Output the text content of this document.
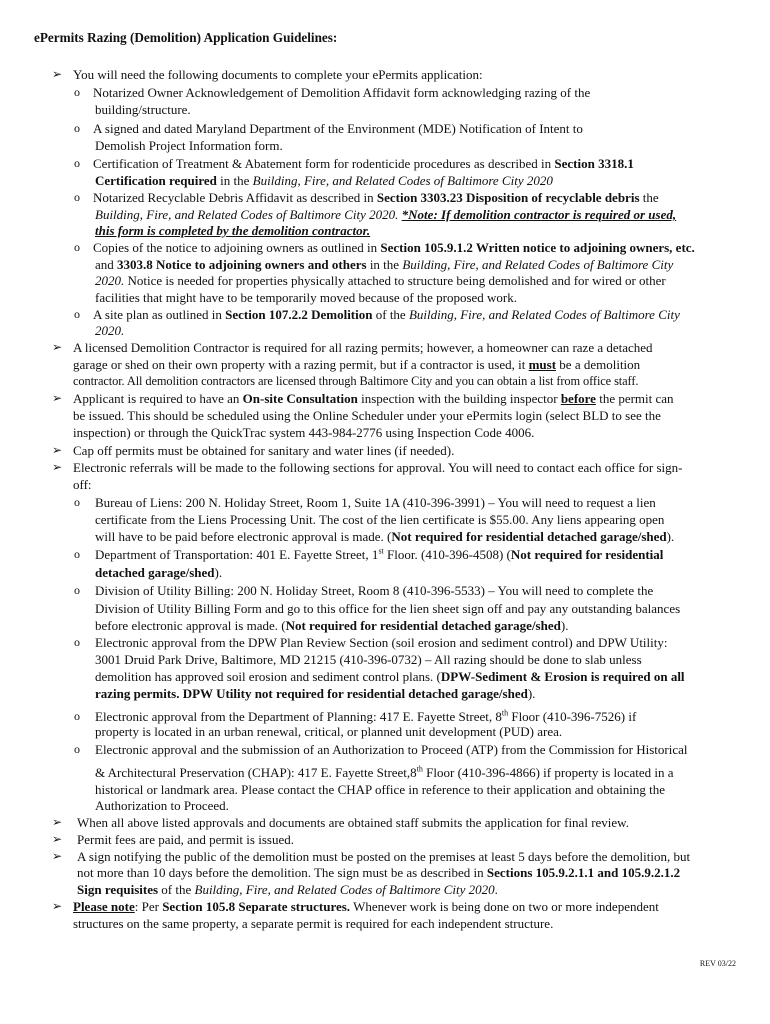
ePermits Razing (Demolition) Application Guidelines:
➢ You will need the following documents to complete your ePermits application:
o Notarized Owner Acknowledgement of Demolition Affidavit form acknowledging razing of the
building/structure.
o A signed and dated Maryland Department of the Environment (MDE) Notification of Intent to
Demolish Project Information form.
o Certification of Treatment & Abatement form for rodenticide procedures as described in Section 3318.1
Certification required in the Building, Fire, and Related Codes of Baltimore City 2020
o Notarized Recyclable Debris Affidavit as described in Section 3303.23 Disposition of recyclable debris the
Building, Fire, and Related Codes of Baltimore City 2020. *Note: If demolition contractor is required or used,
this form is completed by the demolition contractor.
o Copies of the notice to adjoining owners as outlined in Section 105.9.1.2 Written notice to adjoining owners, etc.
and 3303.8 Notice to adjoining owners and others in the Building, Fire, and Related Codes of Baltimore City
2020. Notice is needed for properties physically attached to structure being demolished and for wired or other
facilities that might have to be temporarily moved because of the proposed work.
o A site plan as outlined in Section 107.2.2 Demolition of the Building, Fire, and Related Codes of Baltimore City
2020.
➢ A licensed Demolition Contractor is required for all razing permits; however, a homeowner can raze a detached
garage or shed on their own property with a razing permit, but if a contractor is used, it must be a demolition
contractor. All demolition contractors are licensed through Baltimore City and you can obtain a list from office staff.
➢ Applicant is required to have an On-site Consultation inspection with the building inspector before the permit can
be issued. This should be scheduled using the Online Scheduler under your ePermits login (select BLD to see the
inspection) or through the QuickTrac system 443-984-2776 using Inspection Code 4006.
➢ Cap off permits must be obtained for sanitary and water lines (if needed).
➢ Electronic referrals will be made to the following sections for approval. You will need to contact each office for sign-
off:
o Bureau of Liens: 200 N. Holiday Street, Room 1, Suite 1A (410-396-3991) – You will need to request a lien
certificate from the Liens Processing Unit. The cost of the lien certificate is $55.00. Any liens appearing open
will have to be paid before electronic approval is made. (Not required for residential detached garage/shed).
o Department of Transportation: 401 E. Fayette Street, 1st Floor. (410-396-4508) (Not required for residential
detached garage/shed).
o Division of Utility Billing: 200 N. Holiday Street, Room 8 (410-396-5533) – You will need to complete the
Division of Utility Billing Form and go to this office for the lien sheet sign off and pay any outstanding balances
before electronic approval is made. (Not required for residential detached garage/shed).
o Electronic approval from the DPW Plan Review Section (soil erosion and sediment control) and DPW Utility:
3001 Druid Park Drive, Baltimore, MD 21215 (410-396-0732) – All razing should be done to slab unless
demolition has approved soil erosion and sediment control plans. (DPW-Sediment & Erosion is required on all
razing permits. DPW Utility not required for residential detached garage/shed).
o Electronic approval from the Department of Planning: 417 E. Fayette Street, 8th Floor (410-396-7526) if
property is located in an urban renewal, critical, or planned unit development (PUD) area.
o Electronic approval and the submission of an Authorization to Proceed (ATP) from the Commission for Historical
& Architectural Preservation (CHAP): 417 E. Fayette Street,8th Floor (410-396-4866) if property is located in a
historical or landmark area. Please contact the CHAP office in reference to their application and obtaining the
Authorization to Proceed.
➢ When all above listed approvals and documents are obtained staff submits the application for final review.
➢ Permit fees are paid, and permit is issued.
➢ A sign notifying the public of the demolition must be posted on the premises at least 5 days before the demolition, but
not more than 10 days before the demolition. The sign must be as described in Sections 105.9.2.1.1 and 105.9.2.1.2
Sign requisites of the Building, Fire, and Related Codes of Baltimore City 2020.
➢ Please note: Per Section 105.8 Separate structures. Whenever work is being done on two or more independent
structures on the same property, a separate permit is required for each independent structure.
REV 03/22
